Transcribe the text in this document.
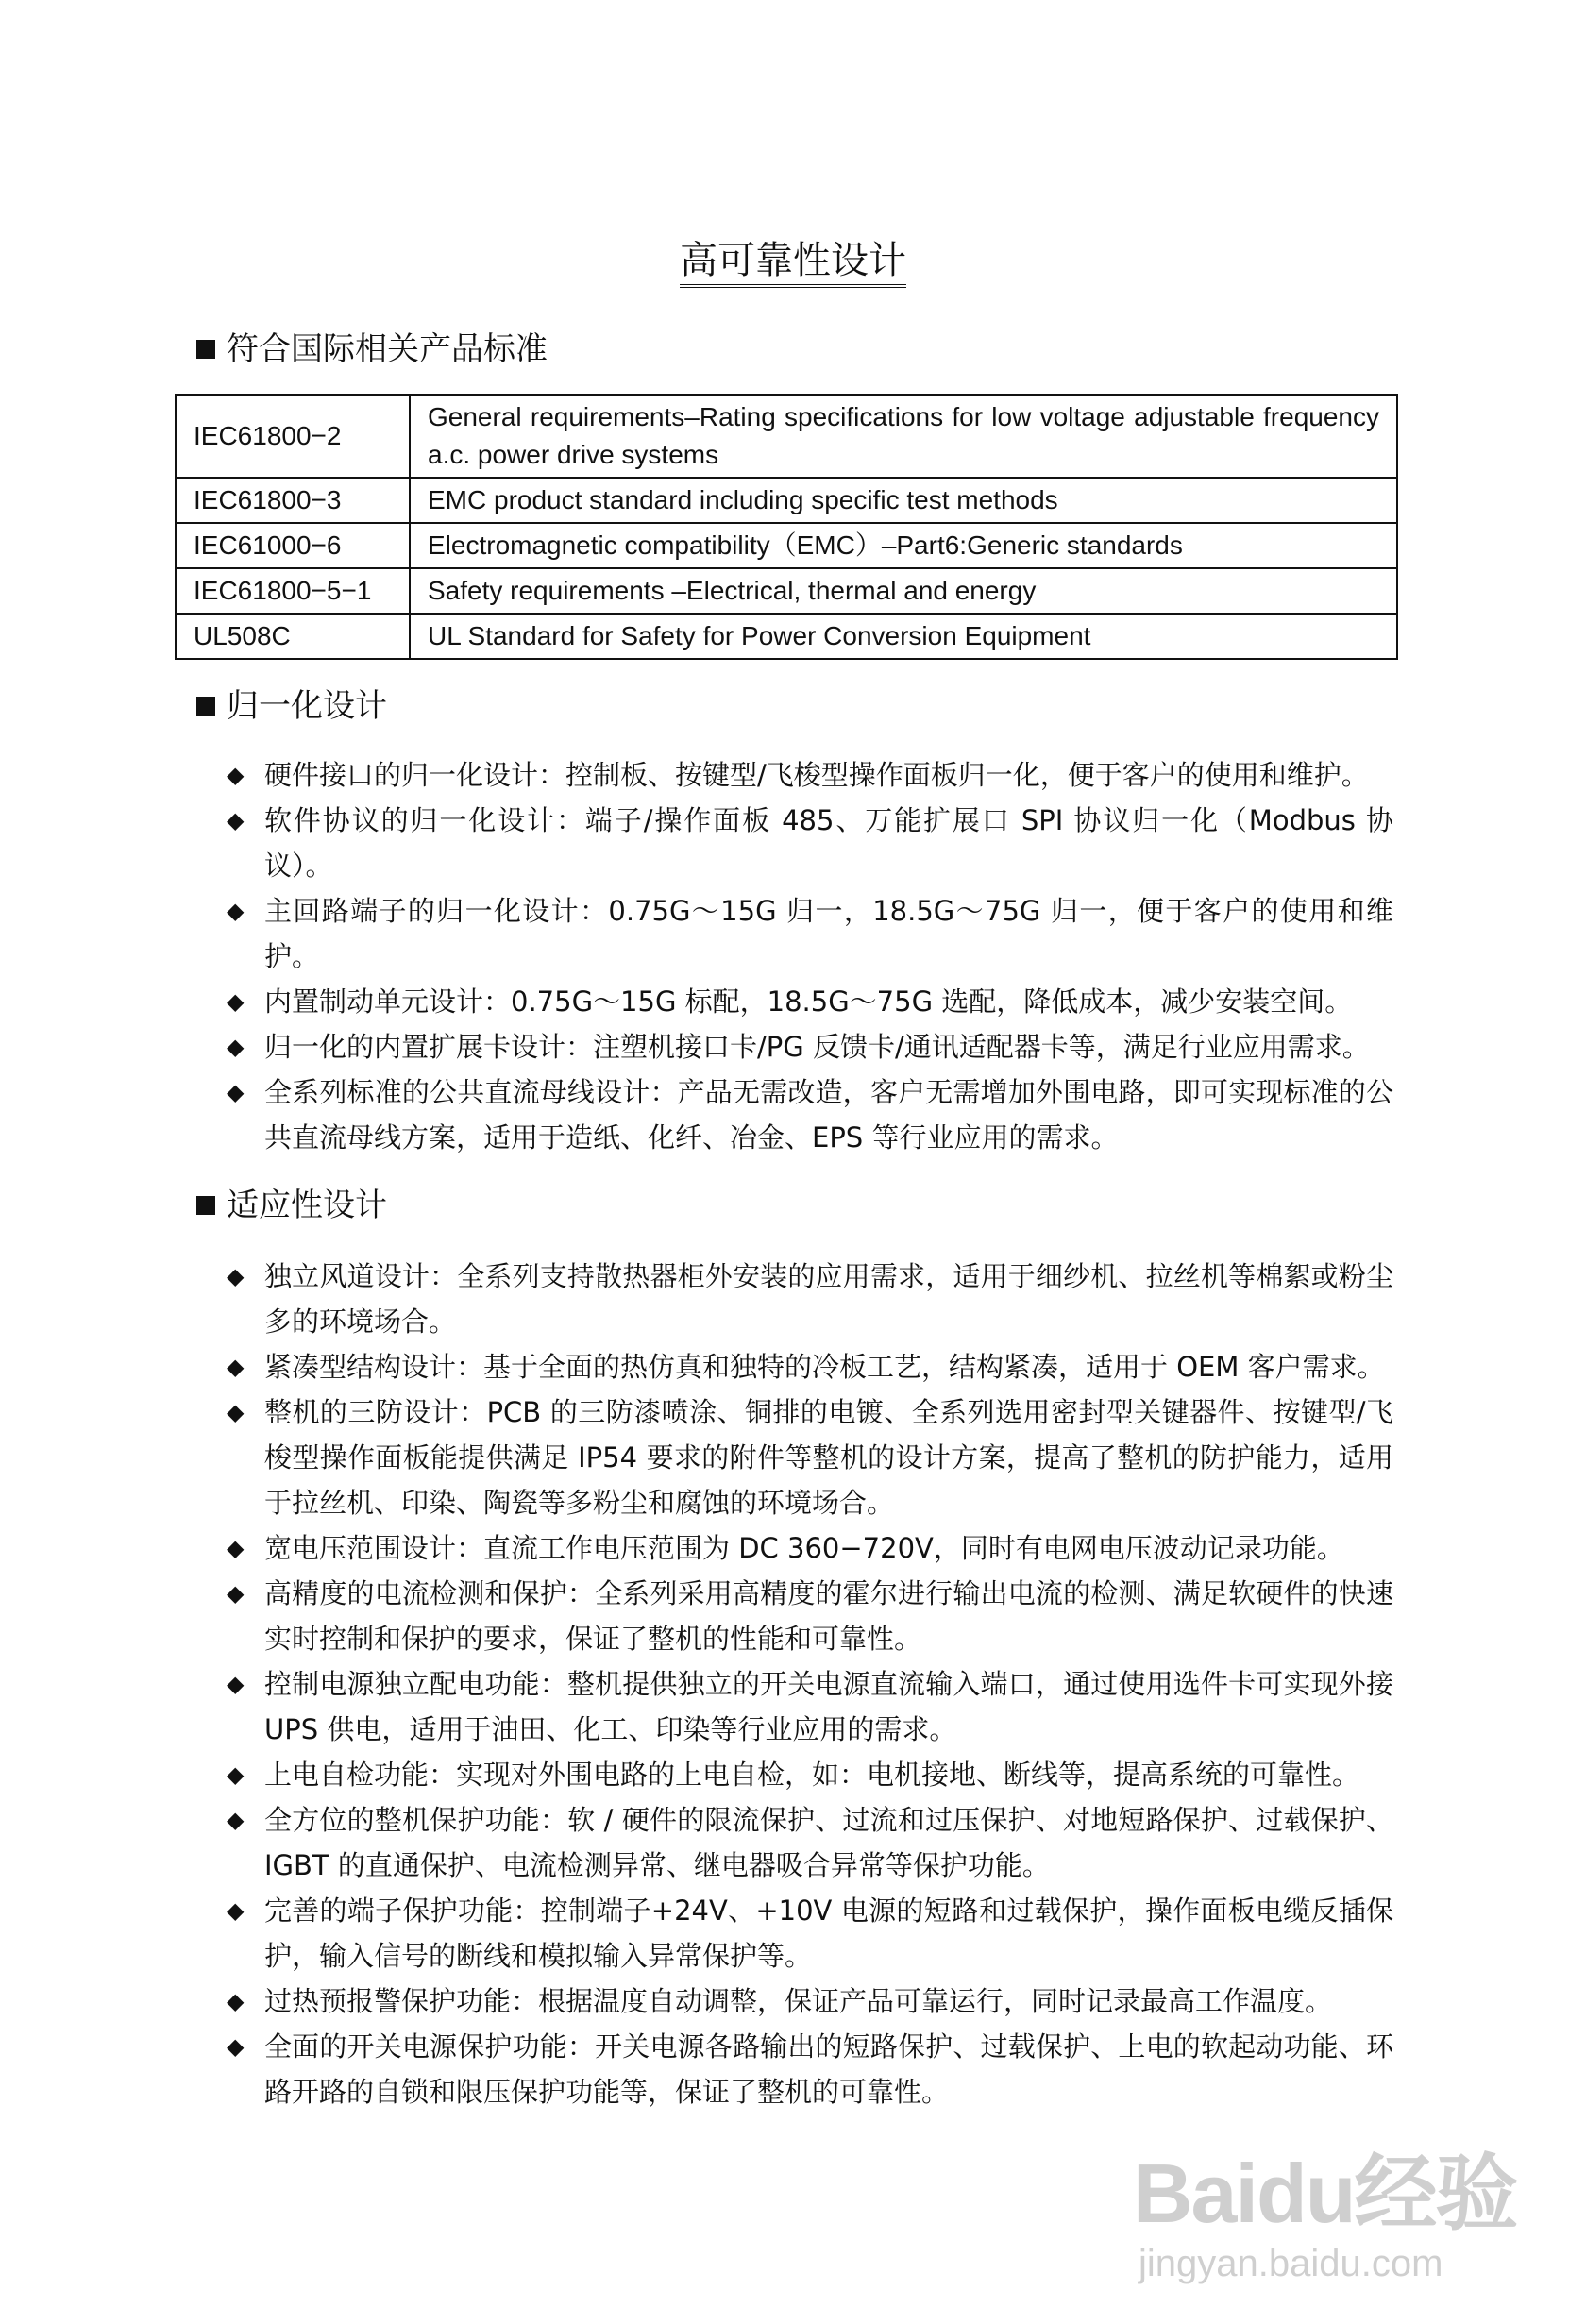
高可靠性设计
符合国际相关产品标准
IEC61800−2	General requirements–Rating specifications for low voltage adjustable frequency a.c. power drive systems
IEC61800−3	EMC product standard including specific test methods
IEC61000−6	Electromagnetic compatibility（EMC）–Part6:Generic standards
IEC61800−5−1	Safety requirements –Electrical, thermal and energy
UL508C	UL Standard for Safety for Power Conversion Equipment
归一化设计
◆ 硬件接口的归一化设计：控制板、按键型/飞梭型操作面板归一化，便于客户的使用和维护。
◆ 软件协议的归一化设计：端子/操作面板 485、万能扩展口 SPI 协议归一化（Modbus 协议）。
◆ 主回路端子的归一化设计：0.75G～15G 归一，18.5G～75G 归一，便于客户的使用和维护。
◆ 内置制动单元设计：0.75G～15G 标配，18.5G～75G 选配，降低成本，减少安装空间。
◆ 归一化的内置扩展卡设计：注塑机接口卡/PG 反馈卡/通讯适配器卡等，满足行业应用需求。
◆ 全系列标准的公共直流母线设计：产品无需改造，客户无需增加外围电路，即可实现标准的公共直流母线方案，适用于造纸、化纤、冶金、EPS 等行业应用的需求。
适应性设计
◆ 独立风道设计：全系列支持散热器柜外安装的应用需求，适用于细纱机、拉丝机等棉絮或粉尘多的环境场合。
◆ 紧凑型结构设计：基于全面的热仿真和独特的冷板工艺，结构紧凑，适用于 OEM 客户需求。
◆ 整机的三防设计：PCB 的三防漆喷涂、铜排的电镀、全系列选用密封型关键器件、按键型/飞梭型操作面板能提供满足 IP54 要求的附件等整机的设计方案，提高了整机的防护能力，适用于拉丝机、印染、陶瓷等多粉尘和腐蚀的环境场合。
◆ 宽电压范围设计：直流工作电压范围为 DC 360−720V，同时有电网电压波动记录功能。
◆ 高精度的电流检测和保护：全系列采用高精度的霍尔进行输出电流的检测、满足软硬件的快速实时控制和保护的要求，保证了整机的性能和可靠性。
◆ 控制电源独立配电功能：整机提供独立的开关电源直流输入端口，通过使用选件卡可实现外接 UPS 供电，适用于油田、化工、印染等行业应用的需求。
◆ 上电自检功能：实现对外围电路的上电自检，如：电机接地、断线等，提高系统的可靠性。
◆ 全方位的整机保护功能：软 / 硬件的限流保护、过流和过压保护、对地短路保护、过载保护、IGBT 的直通保护、电流检测异常、继电器吸合异常等保护功能。
◆ 完善的端子保护功能：控制端子+24V、+10V 电源的短路和过载保护，操作面板电缆反插保护，输入信号的断线和模拟输入异常保护等。
◆ 过热预报警保护功能：根据温度自动调整，保证产品可靠运行，同时记录最高工作温度。
◆ 全面的开关电源保护功能：开关电源各路输出的短路保护、过载保护、上电的软起动功能、环路开路的自锁和限压保护功能等，保证了整机的可靠性。
Baidu经验
jingyan.baidu.com
